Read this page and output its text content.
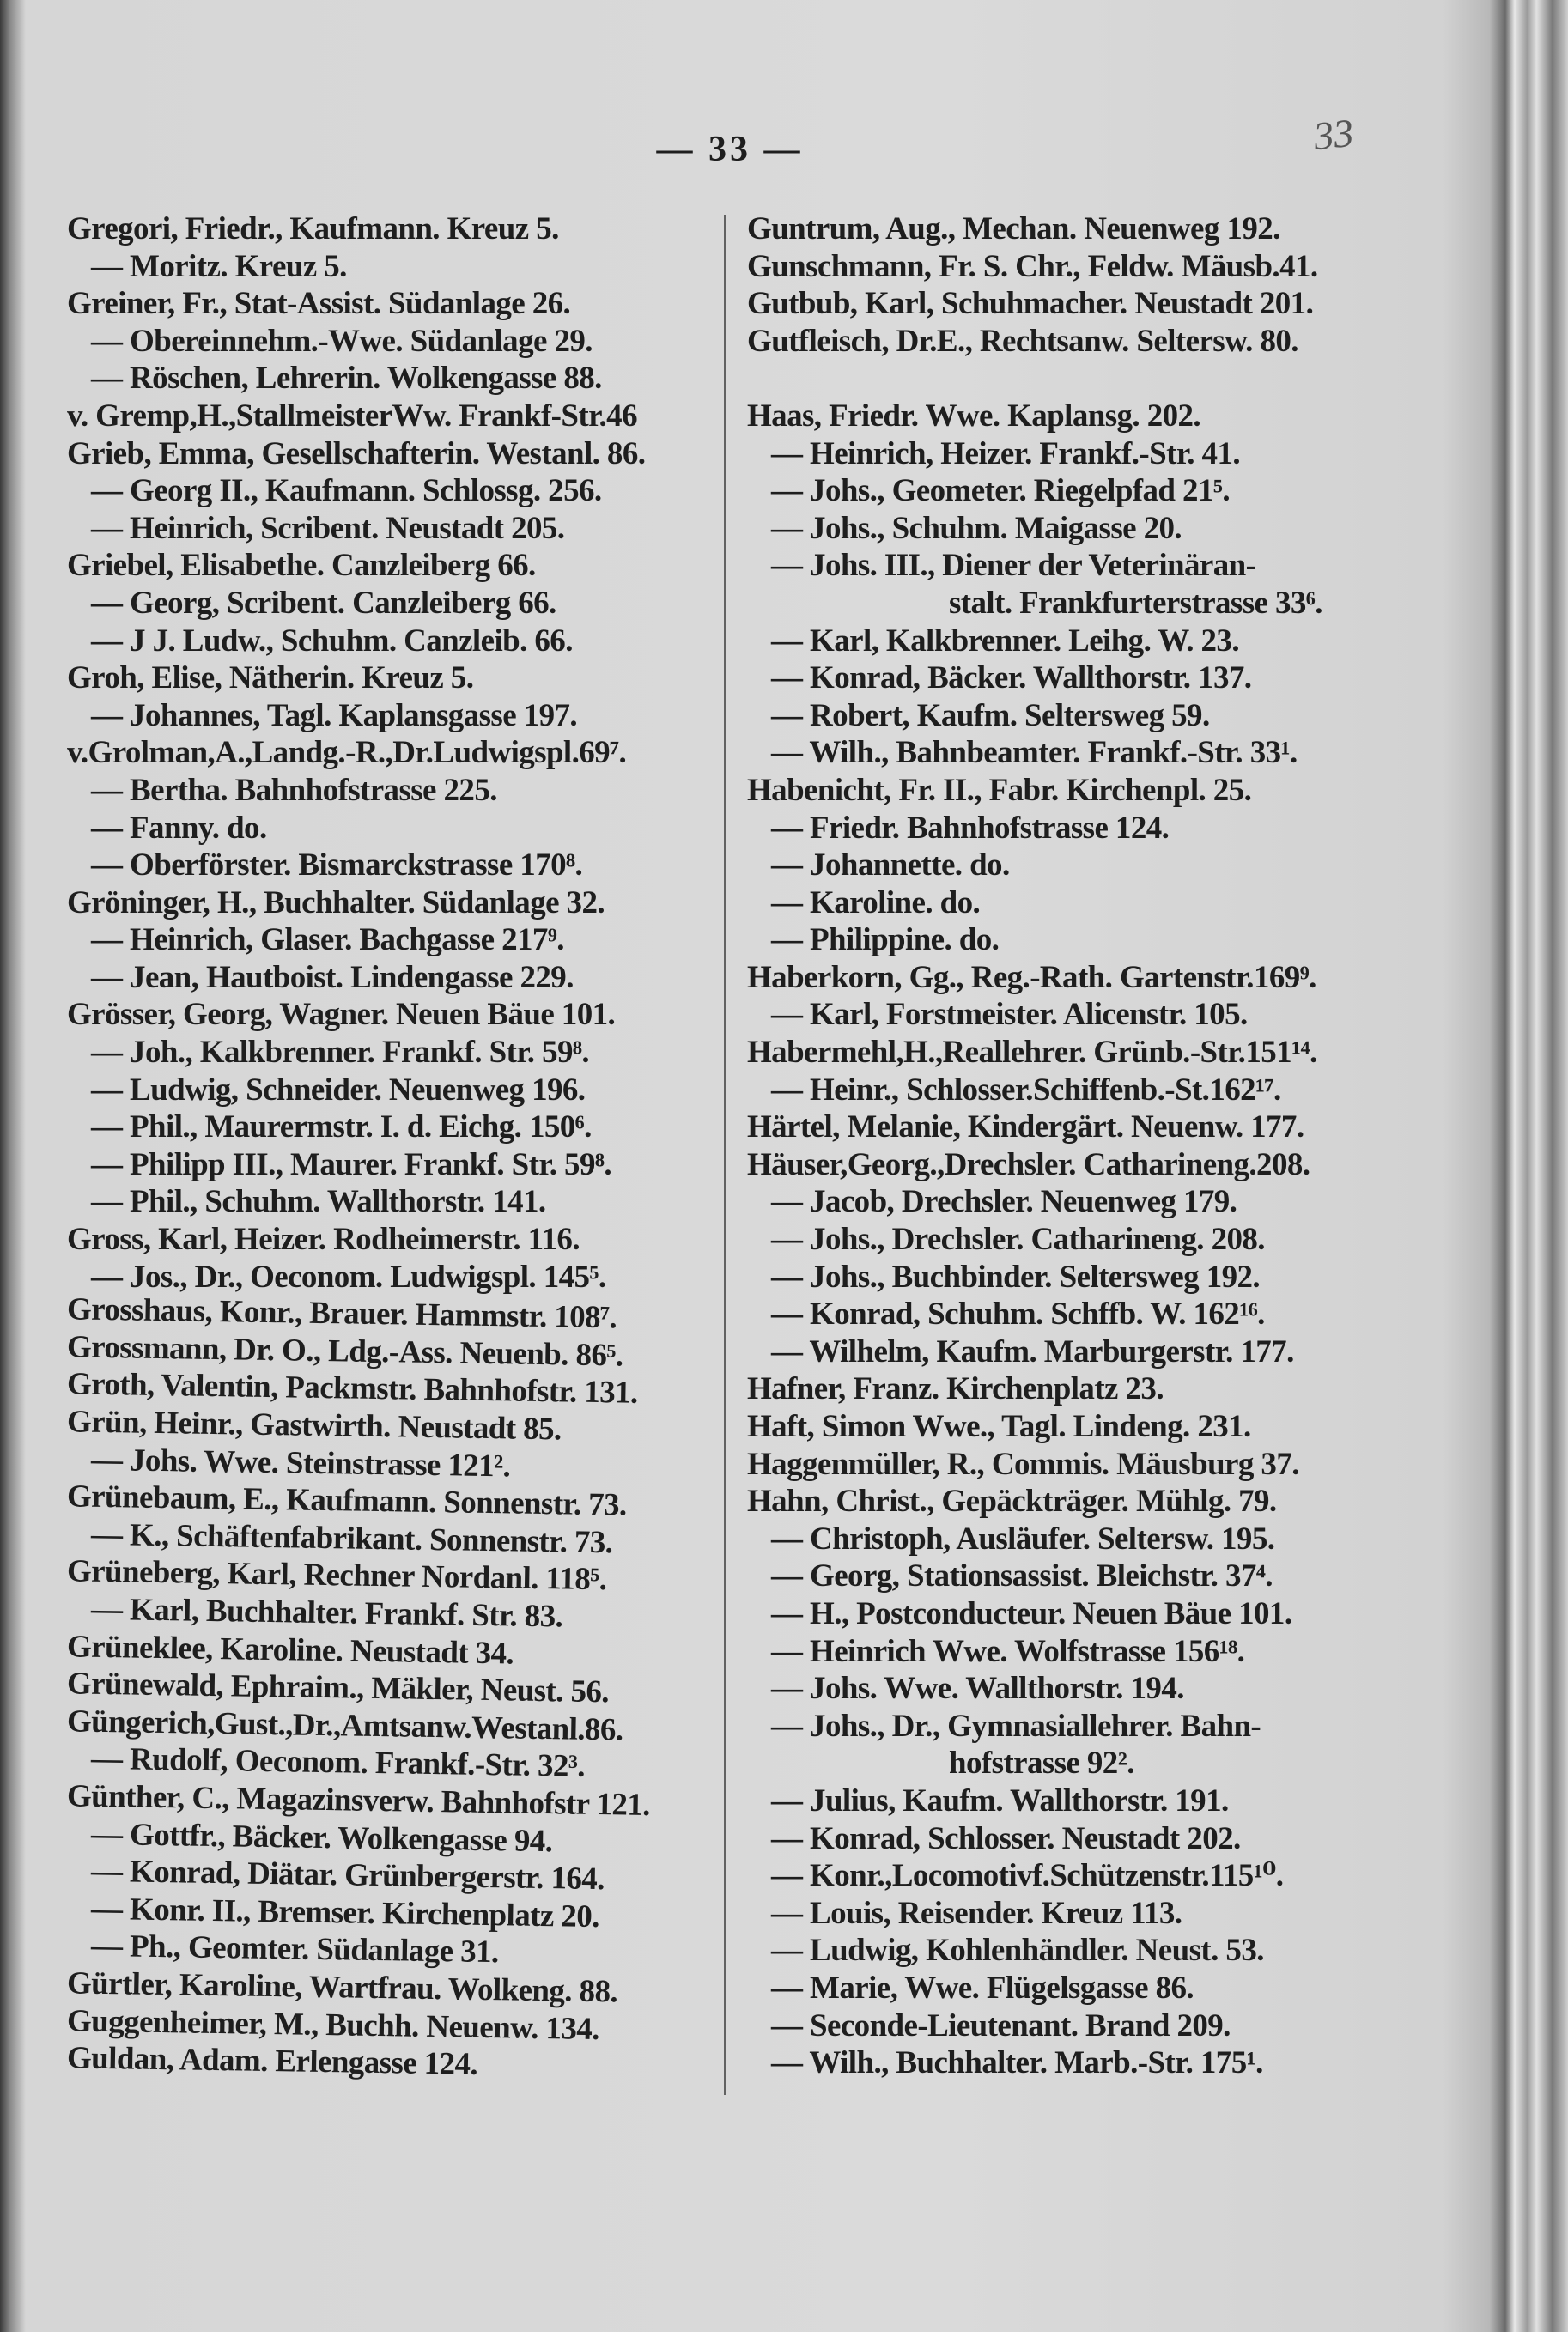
— 33 —	33
Gregori, Friedr., Kaufmann. Kreuz 5.
— Moritz. Kreuz 5.
Greiner, Fr., Stat-Assist. Südanlage 26.
— Obereinnehm.-Wwe. Südanlage 29.
— Röschen, Lehrerin. Wolkengasse 88.
v. Gremp,H.,StallmeisterWw. Frankf-Str.46
Grieb, Emma, Gesellschafterin. Westanl. 86.
— Georg II., Kaufmann. Schlossg. 256.
— Heinrich, Scribent. Neustadt 205.
Griebel, Elisabethe. Canzleiberg 66.
— Georg, Scribent. Canzleiberg 66.
— J J. Ludw., Schuhm. Canzleib. 66.
Groh, Elise, Nätherin. Kreuz 5.
— Johannes, Tagl. Kaplansgasse 197.
v.Grolman,A.,Landg.-R.,Dr.Ludwigspl.69⁷.
— Bertha. Bahnhofstrasse 225.
— Fanny. do.
— Oberförster. Bismarckstrasse 170⁸.
Gröninger, H., Buchhalter. Südanlage 32.
— Heinrich, Glaser. Bachgasse 217⁹.
— Jean, Hautboist. Lindengasse 229.
Grösser, Georg, Wagner. Neuen Bäue 101.
— Joh., Kalkbrenner. Frankf. Str. 59⁸.
— Ludwig, Schneider. Neuenweg 196.
— Phil., Maurermstr. I. d. Eichg. 150⁶.
— Philipp III., Maurer. Frankf. Str. 59⁸.
— Phil., Schuhm. Wallthorstr. 141.
Gross, Karl, Heizer. Rodheimerstr. 116.
— Jos., Dr., Oeconom. Ludwigspl. 145⁵.
Grosshaus, Konr., Brauer. Hammstr. 108⁷.
Grossmann, Dr. O., Ldg.-Ass. Neuenb. 86⁵.
Groth, Valentin, Packmstr. Bahnhofstr. 131.
Grün, Heinr., Gastwirth. Neustadt 85.
— Johs. Wwe. Steinstrasse 121².
Grünebaum, E., Kaufmann. Sonnenstr. 73.
— K., Schäftenfabrikant. Sonnenstr. 73.
Grüneberg, Karl, Rechner Nordanl. 118⁵.
— Karl, Buchhalter. Frankf. Str. 83.
Grüneklee, Karoline. Neustadt 34.
Grünewald, Ephraim., Mäkler, Neust. 56.
Güngerich,Gust.,Dr.,Amtsanw.Westanl.86.
— Rudolf, Oeconom. Frankf.-Str. 32³.
Günther, C., Magazinsverw. Bahnhofstr 121.
— Gottfr., Bäcker. Wolkengasse 94.
— Konrad, Diätar. Grünbergerstr. 164.
— Konr. II., Bremser. Kirchenplatz 20.
— Ph., Geomter. Südanlage 31.
Gürtler, Karoline, Wartfrau. Wolkeng. 88.
Guggenheimer, M., Buchh. Neuenw. 134.
Guldan, Adam. Erlengasse 124.
Guntrum, Aug., Mechan. Neuenweg 192.
Gunschmann, Fr. S. Chr., Feldw. Mäusb.41.
Gutbub, Karl, Schuhmacher. Neustadt 201.
Gutfleisch, Dr.E., Rechtsanw. Seltersw. 80.
Haas, Friedr. Wwe. Kaplansg. 202.
— Heinrich, Heizer. Frankf.-Str. 41.
— Johs., Geometer. Riegelpfad 21⁵.
— Johs., Schuhm. Maigasse 20.
— Johs. III., Diener der Veterinäran-
stalt. Frankfurterstrasse 33⁶.
— Karl, Kalkbrenner. Leihg. W. 23.
— Konrad, Bäcker. Wallthorstr. 137.
— Robert, Kaufm. Seltersweg 59.
— Wilh., Bahnbeamter. Frankf.-Str. 33¹.
Habenicht, Fr. II., Fabr. Kirchenpl. 25.
— Friedr. Bahnhofstrasse 124.
— Johannette. do.
— Karoline. do.
— Philippine. do.
Haberkorn, Gg., Reg.-Rath. Gartenstr.169⁹.
— Karl, Forstmeister. Alicenstr. 105.
Habermehl,H.,Reallehrer. Grünb.-Str.151¹⁴.
— Heinr., Schlosser.Schiffenb.-St.162¹⁷.
Härtel, Melanie, Kindergärt. Neuenw. 177.
Häuser,Georg.,Drechsler. Catharineng.208.
— Jacob, Drechsler. Neuenweg 179.
— Johs., Drechsler. Catharineng. 208.
— Johs., Buchbinder. Seltersweg 192.
— Konrad, Schuhm. Schffb. W. 162¹⁶.
— Wilhelm, Kaufm. Marburgerstr. 177.
Hafner, Franz. Kirchenplatz 23.
Haft, Simon Wwe., Tagl. Lindeng. 231.
Haggenmüller, R., Commis. Mäusburg 37.
Hahn, Christ., Gepäckträger. Mühlg. 79.
— Christoph, Ausläufer. Seltersw. 195.
— Georg, Stationsassist. Bleichstr. 37⁴.
— H., Postconducteur. Neuen Bäue 101.
— Heinrich Wwe. Wolfstrasse 156¹⁸.
— Johs. Wwe. Wallthorstr. 194.
— Johs., Dr., Gymnasiallehrer. Bahn-
hofstrasse 92².
— Julius, Kaufm. Wallthorstr. 191.
— Konrad, Schlosser. Neustadt 202.
— Konr.,Locomotivf.Schützenstr.115¹⁰.
— Louis, Reisender. Kreuz 113.
— Ludwig, Kohlenhändler. Neust. 53.
— Marie, Wwe. Flügelsgasse 86.
— Seconde-Lieutenant. Brand 209.
— Wilh., Buchhalter. Marb.-Str. 175¹.
